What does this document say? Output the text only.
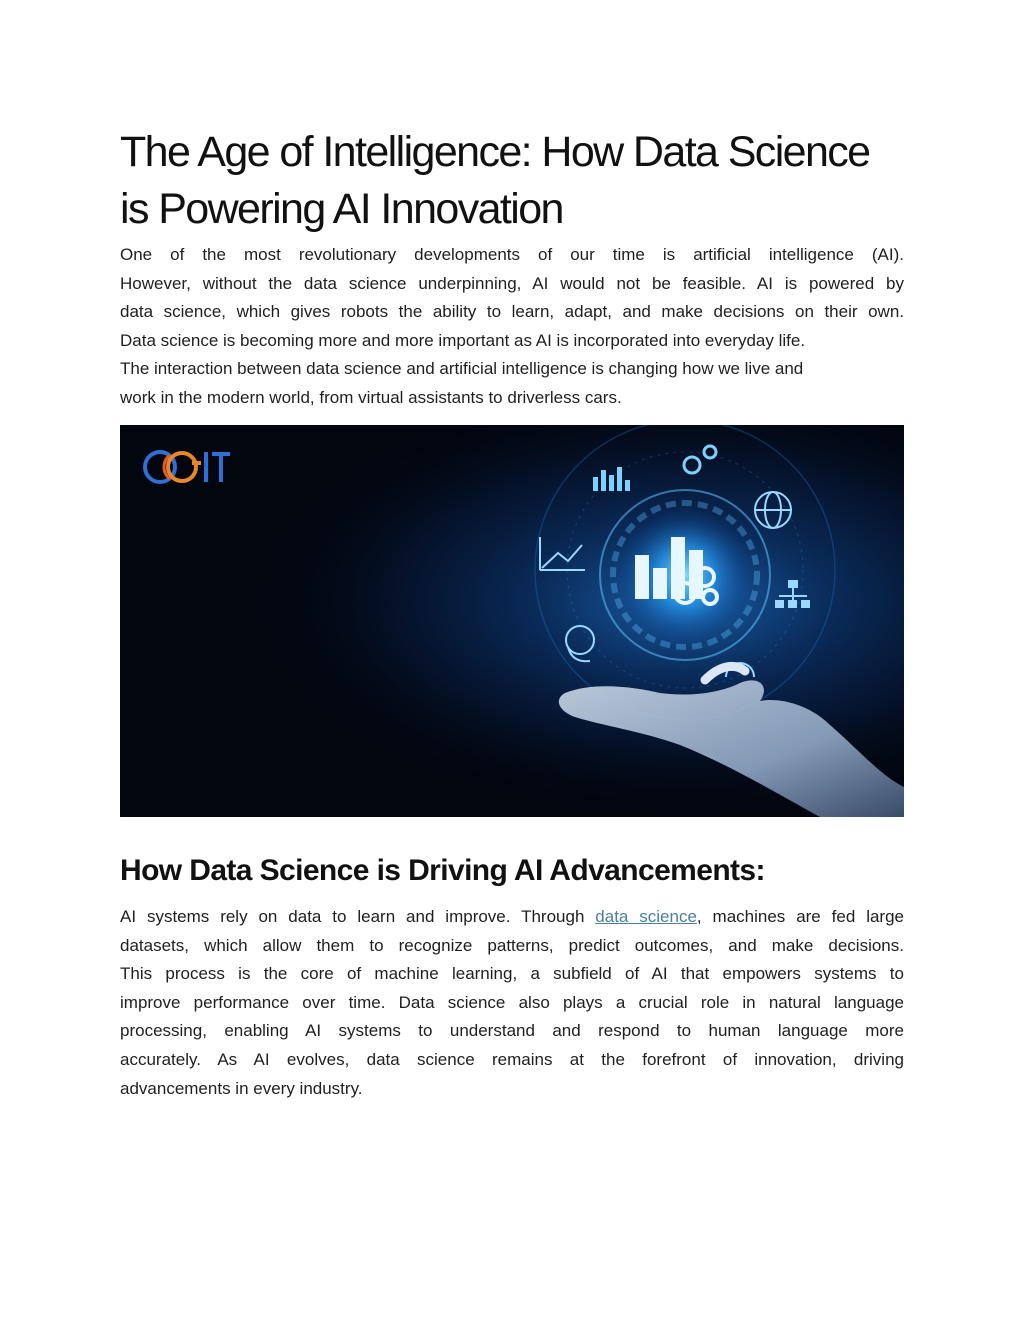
The Age of Intelligence: How Data Science
is Powering AI Innovation
One of the most revolutionary developments of our time is artificial intelligence (AI).
However, without the data science underpinning, AI would not be feasible. AI is powered by
data science, which gives robots the ability to learn, adapt, and make decisions on their own.
Data science is becoming more and more important as AI is incorporated into everyday life.
The interaction between data science and artificial intelligence is changing how we live and
work in the modern world, from virtual assistants to driverless cars.
How Data Science is Driving AI Advancements:
AI systems rely on data to learn and improve. Through data science, machines are fed large
datasets, which allow them to recognize patterns, predict outcomes, and make decisions.
This process is the core of machine learning, a subfield of AI that empowers systems to
improve performance over time. Data science also plays a crucial role in natural language
processing, enabling AI systems to understand and respond to human language more
accurately. As AI evolves, data science remains at the forefront of innovation, driving
advancements in every industry.
